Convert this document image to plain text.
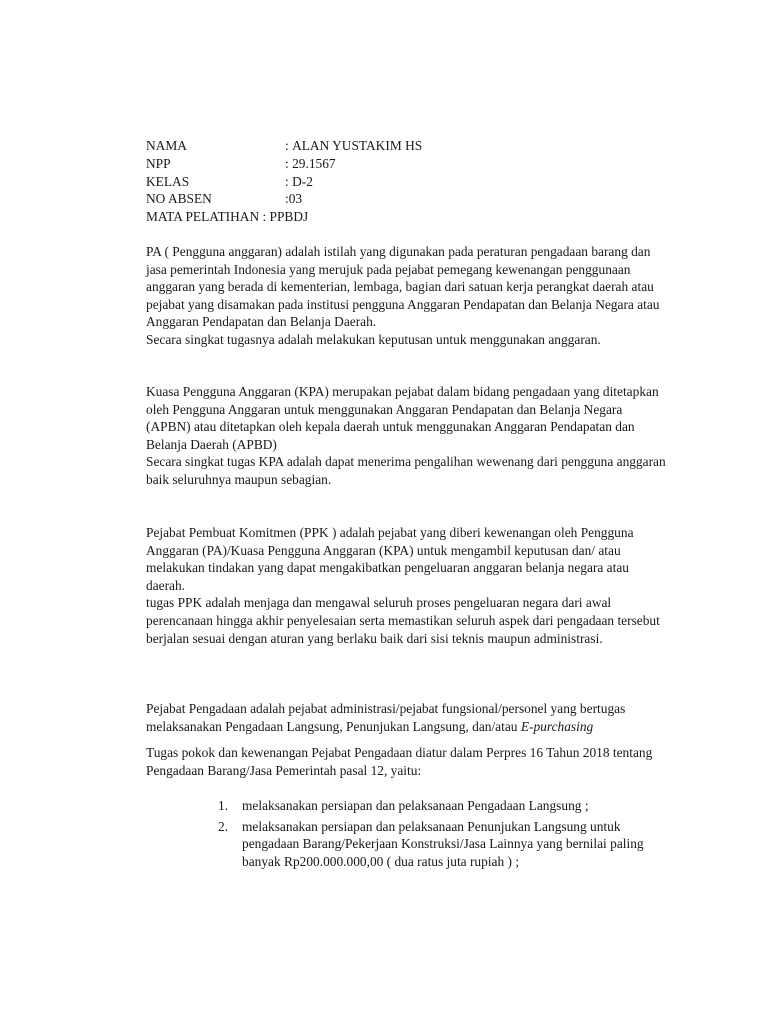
NAMA	: ALAN YUSTAKIM HS
NPP	: 29.1567
KELAS	: D-2
NO ABSEN	: 03
MATA PELATIHAN : PPBDJ

PA ( Pengguna anggaran) adalah istilah yang digunakan pada peraturan pengadaan barang dan jasa pemerintah Indonesia yang merujuk pada pejabat pemegang kewenangan penggunaan anggaran yang berada di kementerian, lembaga, bagian dari satuan kerja perangkat daerah atau pejabat yang disamakan pada institusi pengguna Anggaran Pendapatan dan Belanja Negara atau Anggaran Pendapatan dan Belanja Daerah.

Secara singkat tugasnya adalah melakukan keputusan untuk menggunakan anggaran.

Kuasa Pengguna Anggaran (KPA) merupakan pejabat dalam bidang pengadaan yang ditetapkan oleh Pengguna Anggaran untuk menggunakan Anggaran Pendapatan dan Belanja Negara (APBN) atau ditetapkan oleh kepala daerah untuk menggunakan Anggaran Pendapatan dan Belanja Daerah (APBD)

Secara singkat tugas KPA adalah dapat menerima pengalihan wewenang dari pengguna anggaran baik seluruhnya maupun sebagian.

Pejabat Pembuat Komitmen (PPK ) adalah pejabat yang diberi kewenangan oleh Pengguna Anggaran (PA)/Kuasa Pengguna Anggaran (KPA) untuk mengambil keputusan dan/ atau melakukan tindakan yang dapat mengakibatkan pengeluaran anggaran belanja negara atau daerah.

tugas PPK adalah menjaga dan mengawal seluruh proses pengeluaran negara dari awal perencanaan hingga akhir penyelesaian serta memastikan seluruh aspek dari pengadaan tersebut berjalan sesuai dengan aturan yang berlaku baik dari sisi teknis maupun administrasi.

Pejabat Pengadaan adalah pejabat administrasi/pejabat fungsional/personel yang bertugas melaksanakan Pengadaan Langsung, Penunjukan Langsung, dan/atau E-purchasing

Tugas pokok dan kewenangan Pejabat Pengadaan diatur dalam Perpres 16 Tahun 2018 tentang Pengadaan Barang/Jasa Pemerintah pasal 12, yaitu:

1.	melaksanakan persiapan dan pelaksanaan Pengadaan Langsung ;
2.	melaksanakan persiapan dan pelaksanaan Penunjukan Langsung untuk pengadaan Barang/Pekerjaan Konstruksi/Jasa Lainnya yang bernilai paling banyak Rp200.000.000,00 ( dua ratus juta rupiah ) ;
